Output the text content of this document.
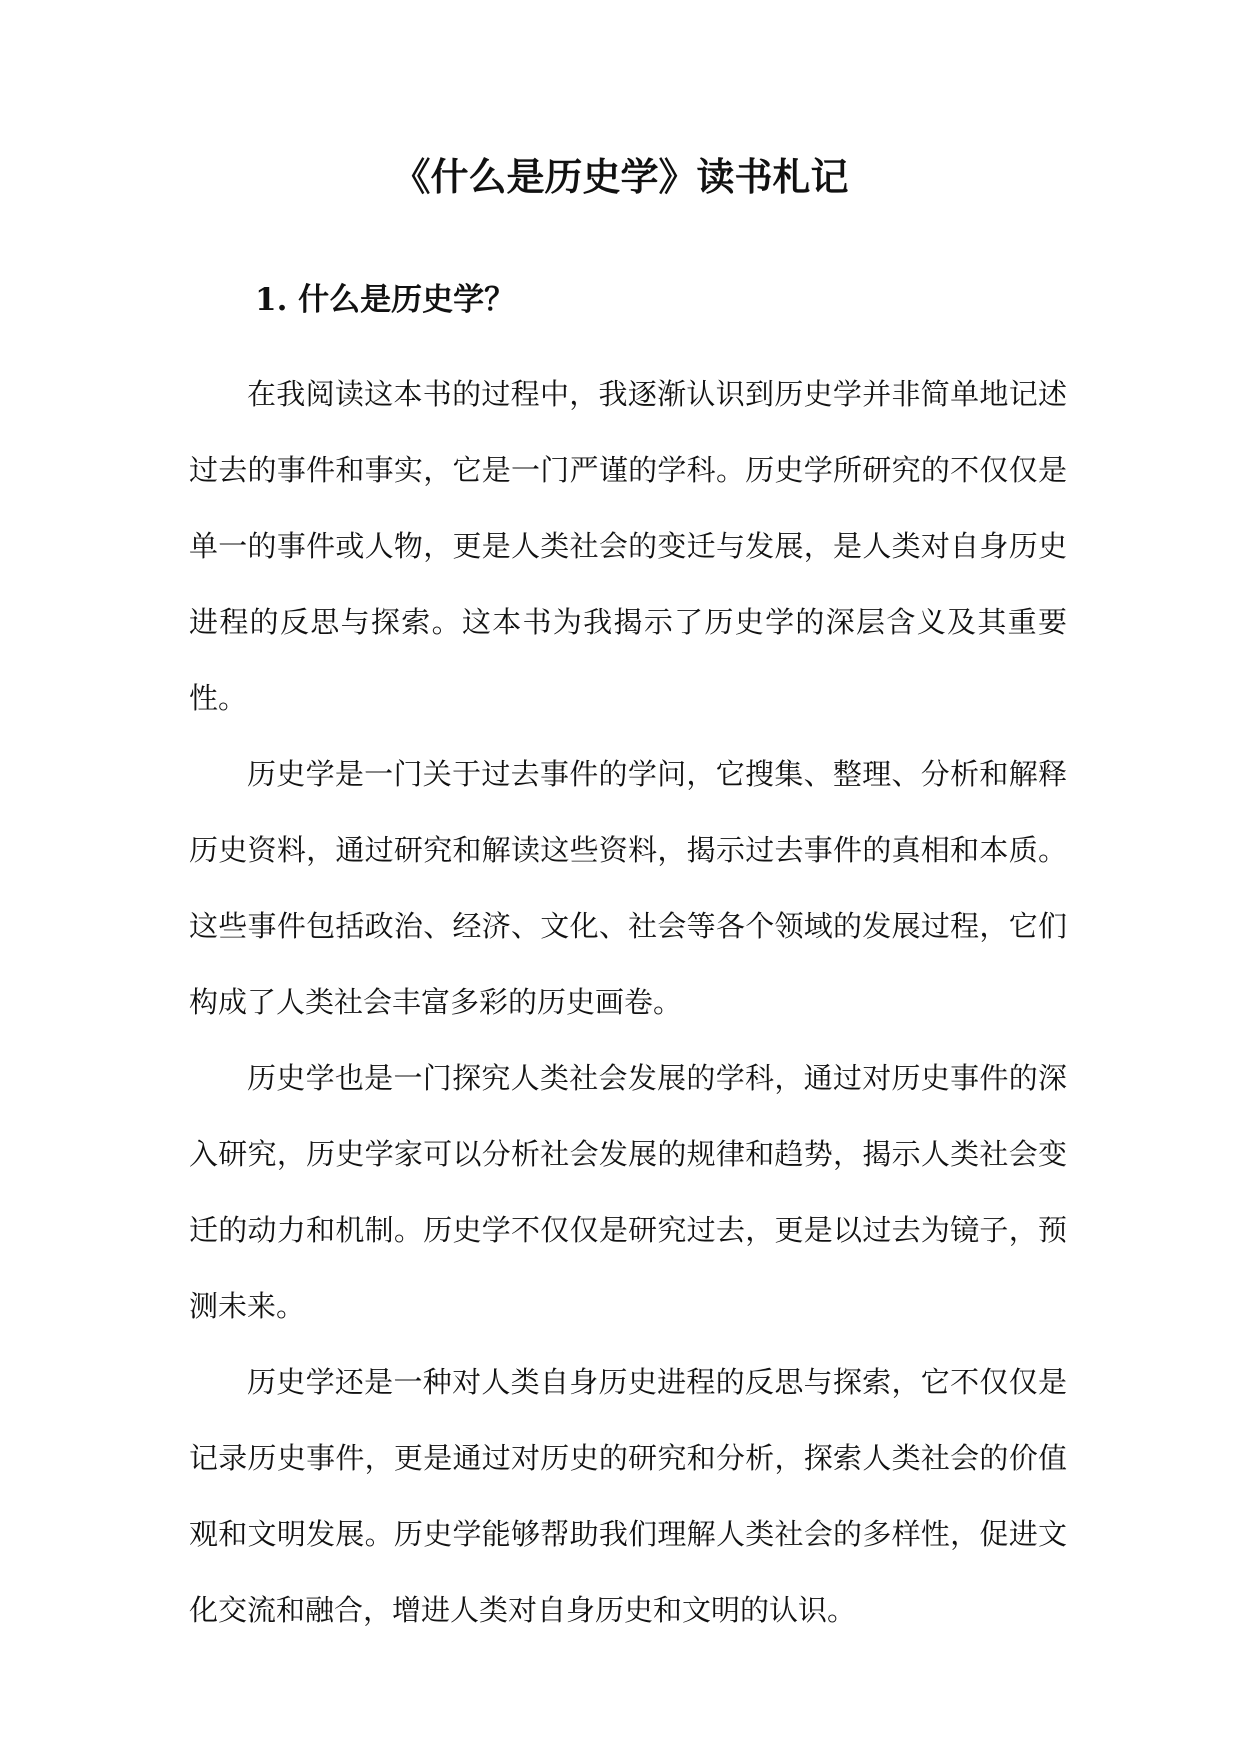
《什么是历史学》读书札记
1. 什么是历史学？

在我阅读这本书的过程中，我逐渐认识到历史学并非简单地记述过去的事件和事实，它是一门严谨的学科。历史学所研究的不仅仅是单一的事件或人物，更是人类社会的变迁与发展，是人类对自身历史进程的反思与探索。这本书为我揭示了历史学的深层含义及其重要性。

历史学是一门关于过去事件的学问，它搜集、整理、分析和解释历史资料，通过研究和解读这些资料，揭示过去事件的真相和本质。这些事件包括政治、经济、文化、社会等各个领域的发展过程，它们构成了人类社会丰富多彩的历史画卷。

历史学也是一门探究人类社会发展的学科，通过对历史事件的深入研究，历史学家可以分析社会发展的规律和趋势，揭示人类社会变迁的动力和机制。历史学不仅仅是研究过去，更是以过去为镜子，预测未来。

历史学还是一种对人类自身历史进程的反思与探索，它不仅仅是记录历史事件，更是通过对历史的研究和分析，探索人类社会的价值观和文明发展。历史学能够帮助我们理解人类社会的多样性，促进文化交流和融合，增进人类对自身历史和文明的认识。
